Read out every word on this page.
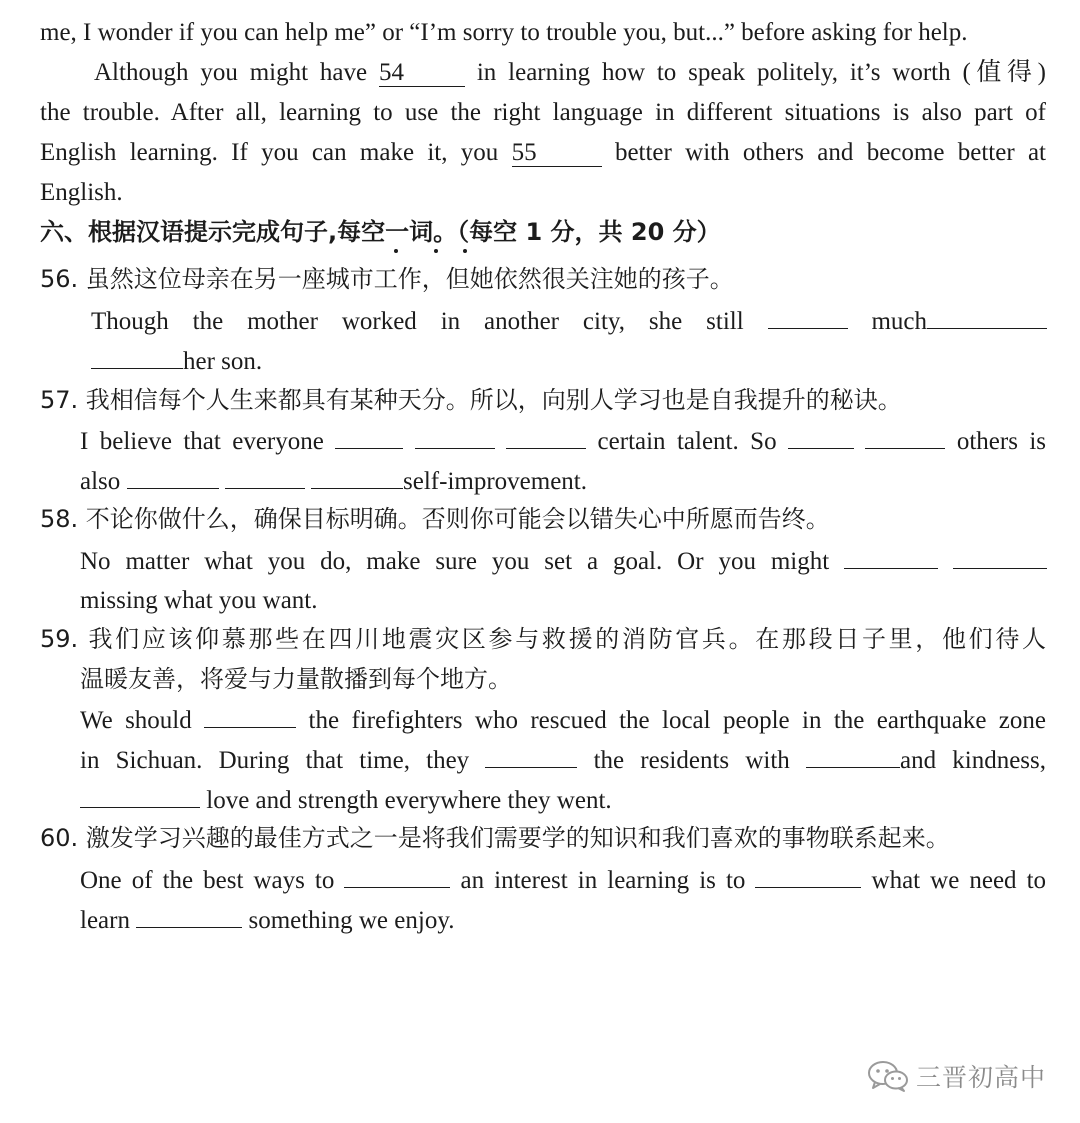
me, I wonder if you can help me” or “I’m sorry to trouble you, but...” before asking for help.
Although you might have 54	in learning how to speak politely, it’s worth (值得)
the trouble. After all, learning to use the right language in different situations is also part of
English learning. If you can make it, you 55	better with others and become better at
English.
六、根据汉语提示完成句子,每空一词。（每空 1 分，共 20 分）
56. 虽然这位母亲在另一座城市工作，但她依然很关注她的孩子。
Though the mother worked in another city, she still	much
her son.
57. 我相信每个人生来都具有某种天分。所以，向别人学习也是自我提升的秘诀。
I believe that everyone	certain talent. So	others is
also	self-improvement.
58. 不论你做什么，确保目标明确。否则你可能会以错失心中所愿而告终。
No matter what you do, make sure you set a goal. Or you might
missing what you want.
59. 我们应该仰慕那些在四川地震灾区参与救援的消防官兵。在那段日子里，他们待人
温暖友善，将爱与力量散播到每个地方。
We should	the firefighters who rescued the local people in the earthquake zone
in Sichuan. During that time, they	the residents with	and kindness,
love and strength everywhere they went.
60. 激发学习兴趣的最佳方式之一是将我们需要学的知识和我们喜欢的事物联系起来。
One of the best ways to	an interest in learning is to	what we need to
learn	something we enjoy.
三晋初高中
